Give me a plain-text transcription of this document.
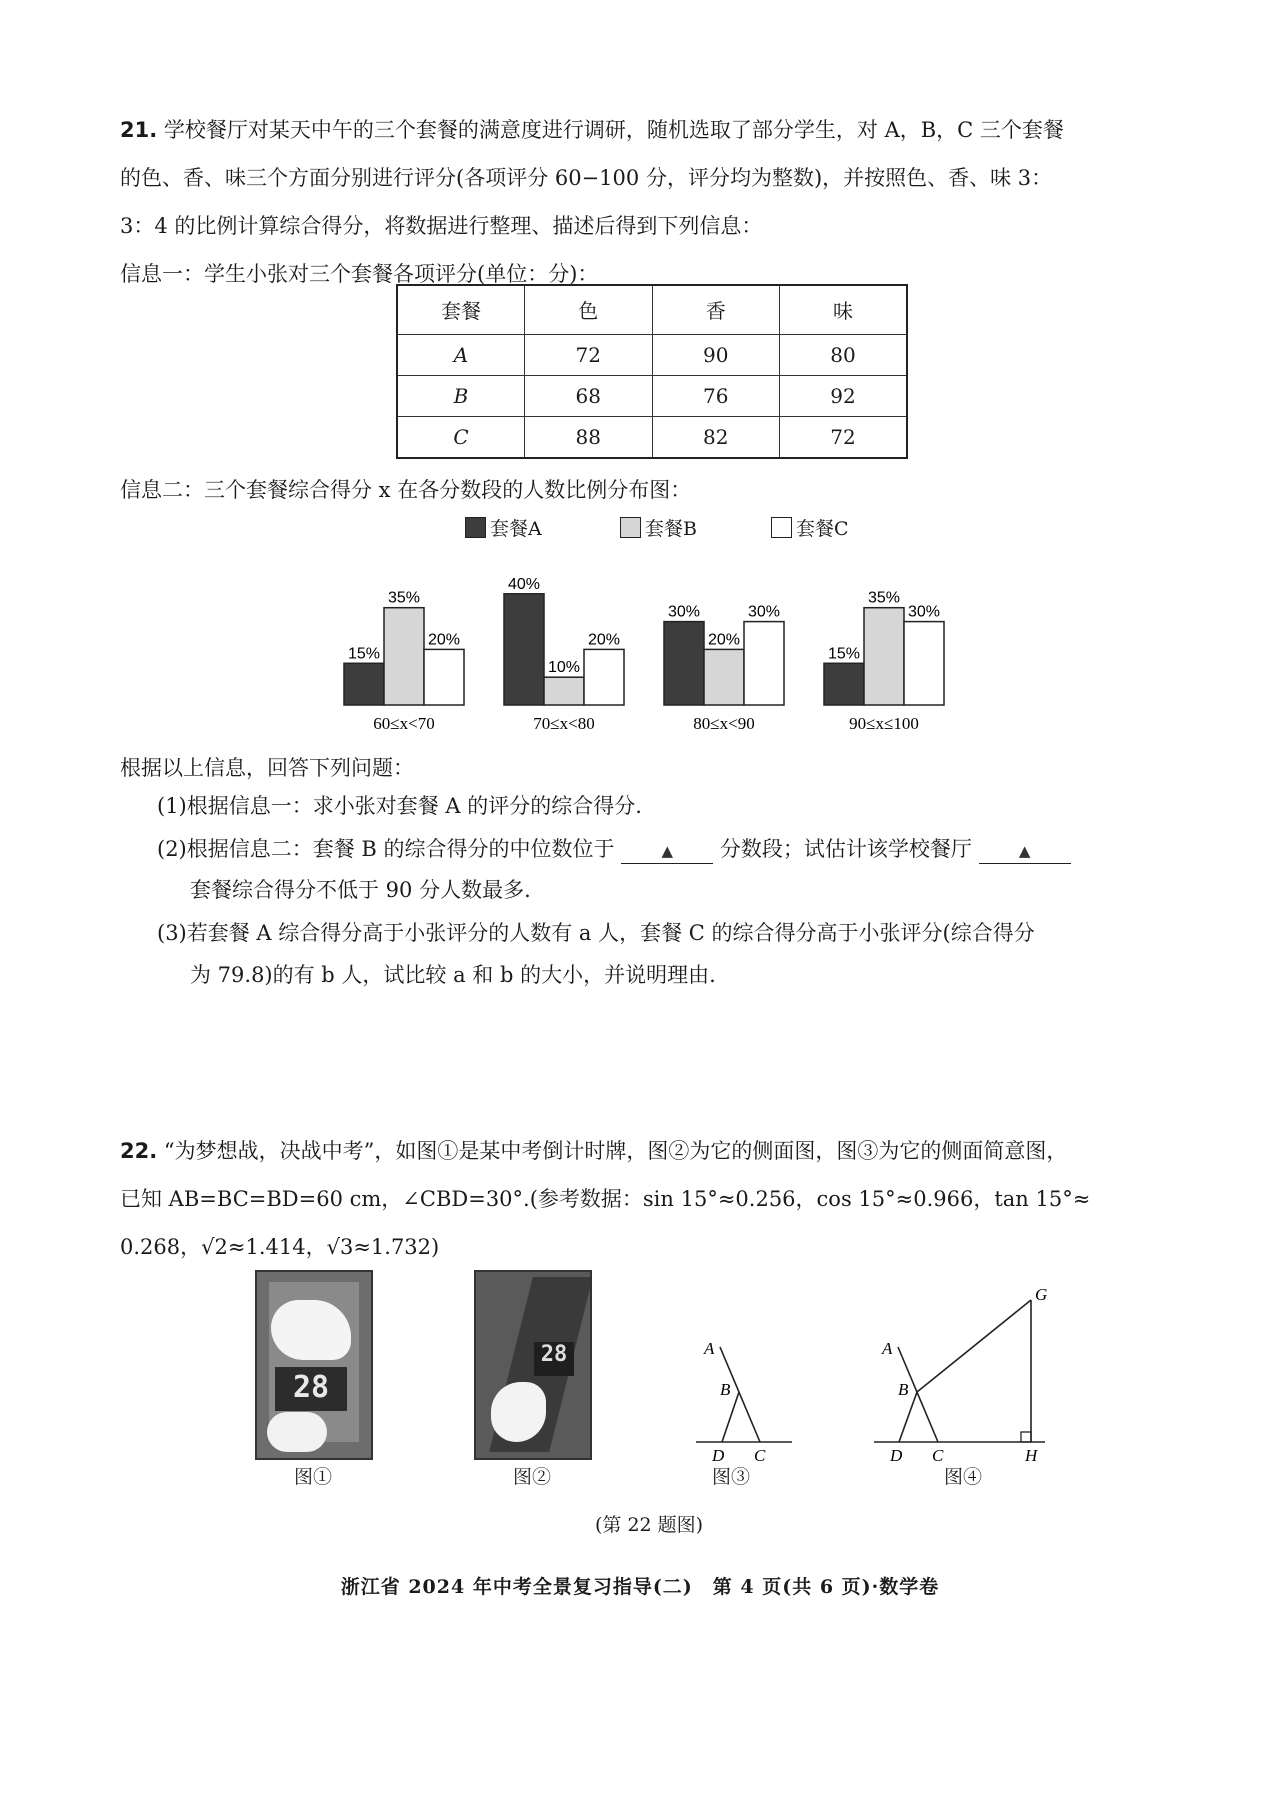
21. 学校餐厅对某天中午的三个套餐的满意度进行调研，随机选取了部分学生，对 A，B，C 三个套餐
的色、香、味三个方面分别进行评分(各项评分 60−100 分，评分均为整数)，并按照色、香、味 3：
3：4 的比例计算综合得分，将数据进行整理、描述后得到下列信息：
信息一：学生小张对三个套餐各项评分(单位：分)：
套餐	色	香	味
A	72	90	80
B	68	76	92
C	88	82	72
信息二：三个套餐综合得分 x 在各分数段的人数比例分布图：
套餐A	套餐B	套餐C
15%
35%
20%
60≤x<70
40%
10%
20%
70≤x<80
30%
20%
30%
80≤x<90
15%
35%
30%
90≤x≤100
根据以上信息，回答下列问题：
(1)根据信息一：求小张对套餐 A 的评分的综合得分.
(2)根据信息二：套餐 B 的综合得分的中位数位于	▲ 分数段；试估计该学校餐厅	▲
套餐综合得分不低于 90 分人数最多.
(3)若套餐 A 综合得分高于小张评分的人数有 a 人，套餐 C 的综合得分高于小张评分(综合得分
为 79.8)的有 b 人，试比较 a 和 b 的大小，并说明理由.
22. “为梦想战，决战中考”，如图①是某中考倒计时牌，图②为它的侧面图，图③为它的侧面简意图，
已知 AB=BC=BD=60 cm，∠CBD=30°.(参考数据：sin 15°≈0.256，cos 15°≈0.966，tan 15°≈
0.268，√2≈1.414，√3≈1.732)
28
28	A
B
D C
A
B
D C
G
H
图①	图②	图③	图④
(第 22 题图)
浙江省 2024 年中考全景复习指导(二)　第 4 页(共 6 页)·数学卷
